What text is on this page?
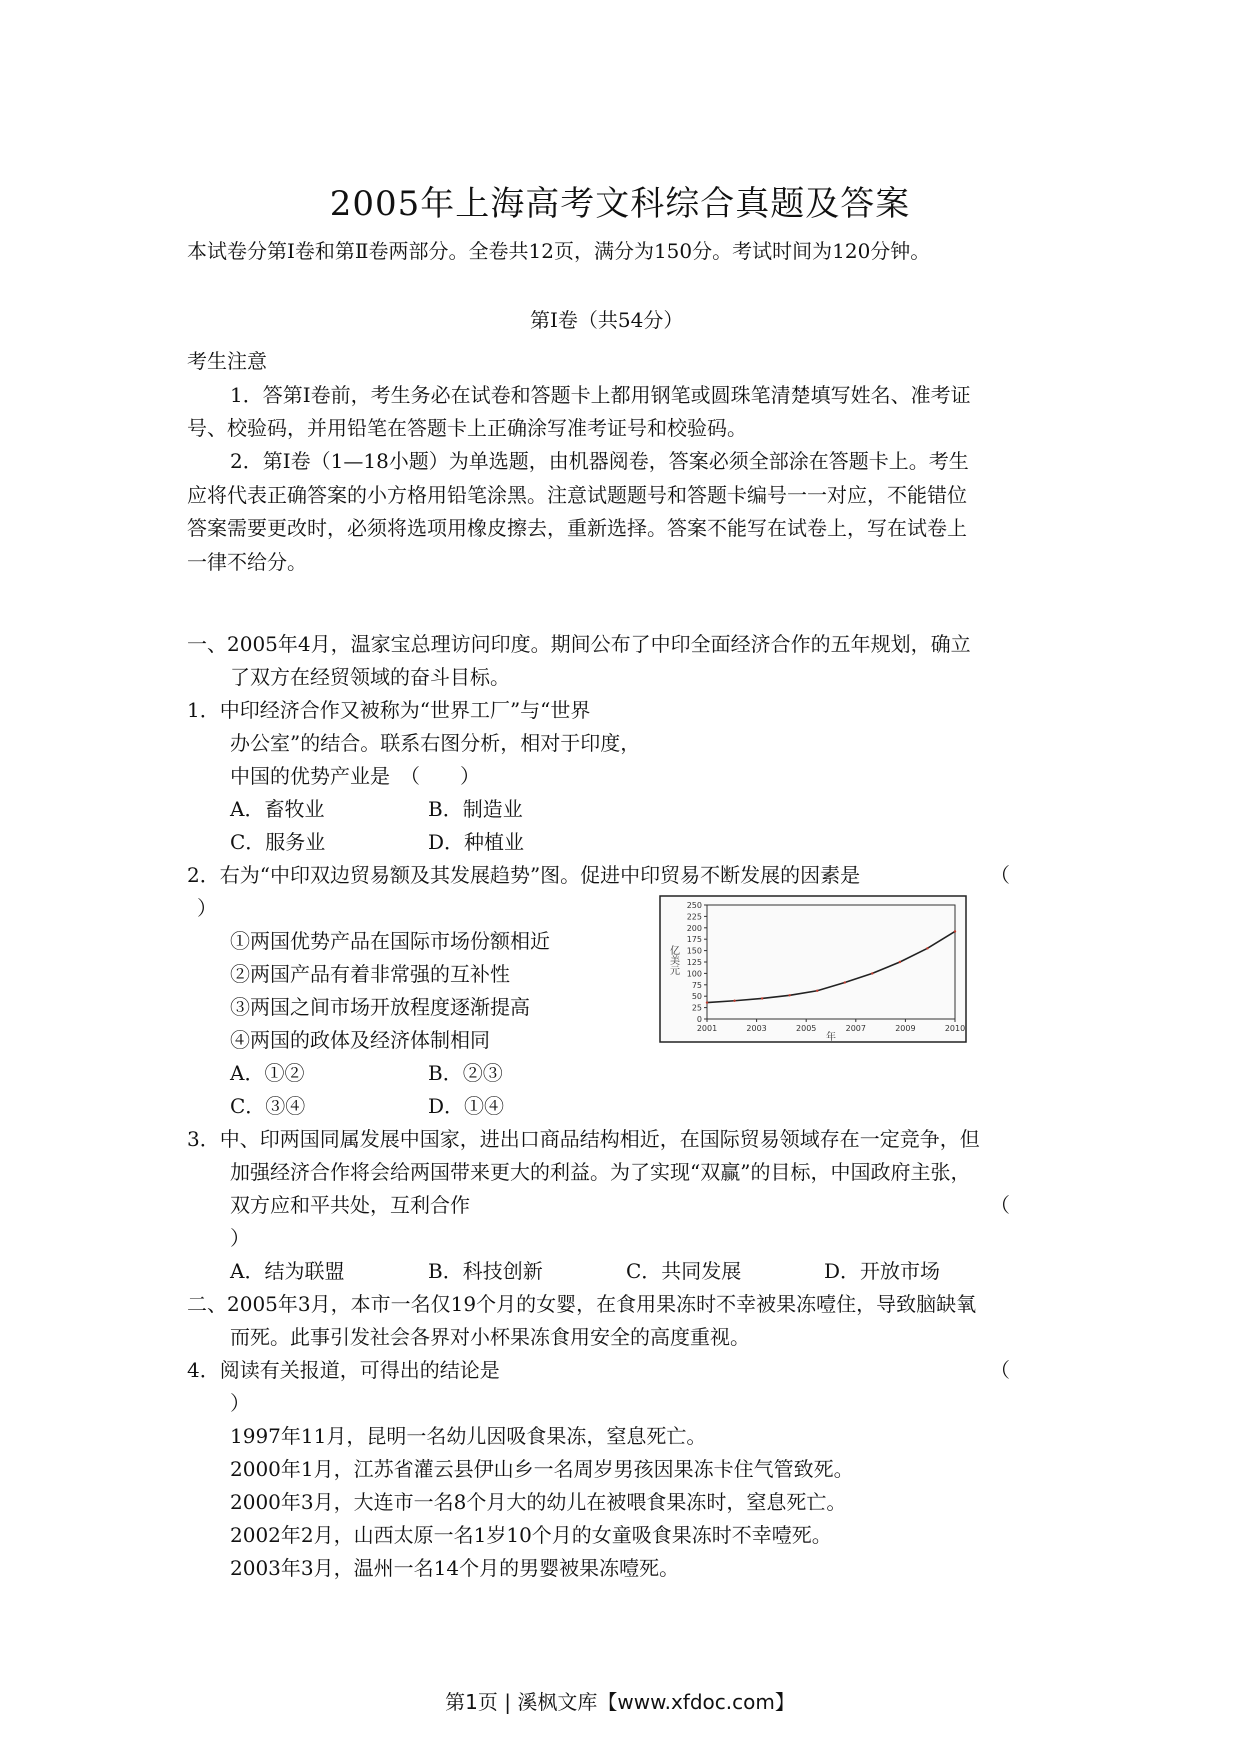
2005年上海高考文科综合真题及答案
本试卷分第Ⅰ卷和第Ⅱ卷两部分。全卷共12页，满分为150分。考试时间为120分钟。
第Ⅰ卷（共54分）
考生注意
1．答第Ⅰ卷前，考生务必在试卷和答题卡上都用钢笔或圆珠笔清楚填写姓名、准考证
号、校验码，并用铅笔在答题卡上正确涂写准考证号和校验码。
2．第Ⅰ卷（1—18小题）为单选题，由机器阅卷，答案必须全部涂在答题卡上。考生
应将代表正确答案的小方格用铅笔涂黑。注意试题题号和答题卡编号一一对应，不能错位
答案需要更改时，必须将选项用橡皮擦去，重新选择。答案不能写在试卷上，写在试卷上
一律不给分。
一、2005年4月，温家宝总理访问印度。期间公布了中印全面经济合作的五年规划，确立
了双方在经贸领域的奋斗目标。
1．中印经济合作又被称为“世界工厂”与“世界
办公室”的结合。联系右图分析，相对于印度，
中国的优势产业是　（　　）
A．畜牧业	B．制造业
C．服务业	D．种植业
2．右为“中印双边贸易额及其发展趋势”图。促进中印贸易不断发展的因素是	（
）
①两国优势产品在国际市场份额相近
②两国产品有着非常强的互补性
③两国之间市场开放程度逐渐提高
④两国的政体及经济体制相同
A．①②	B．②③
C．③④	D．①④
0
25
50
75
100
125
150
175
200
225
250
2001	2003	2005	2007	2009	2010
亿美元
年
3．中、印两国同属发展中国家，进出口商品结构相近，在国际贸易领域存在一定竞争，但
加强经济合作将会给两国带来更大的利益。为了实现“双赢”的目标，中国政府主张，
双方应和平共处，互利合作	（
）
A．结为联盟	B．科技创新	C．共同发展	D．开放市场
二、2005年3月，本市一名仅19个月的女婴，在食用果冻时不幸被果冻噎住，导致脑缺氧
而死。此事引发社会各界对小杯果冻食用安全的高度重视。
4．阅读有关报道，可得出的结论是	（
）
1997年11月，昆明一名幼儿因吸食果冻，窒息死亡。
2000年1月，江苏省灌云县伊山乡一名周岁男孩因果冻卡住气管致死。
2000年3月，大连市一名8个月大的幼儿在被喂食果冻时，窒息死亡。
2002年2月，山西太原一名1岁10个月的女童吸食果冻时不幸噎死。
2003年3月，温州一名14个月的男婴被果冻噎死。
第1页 | 溪枫文库【www.xfdoc.com】
